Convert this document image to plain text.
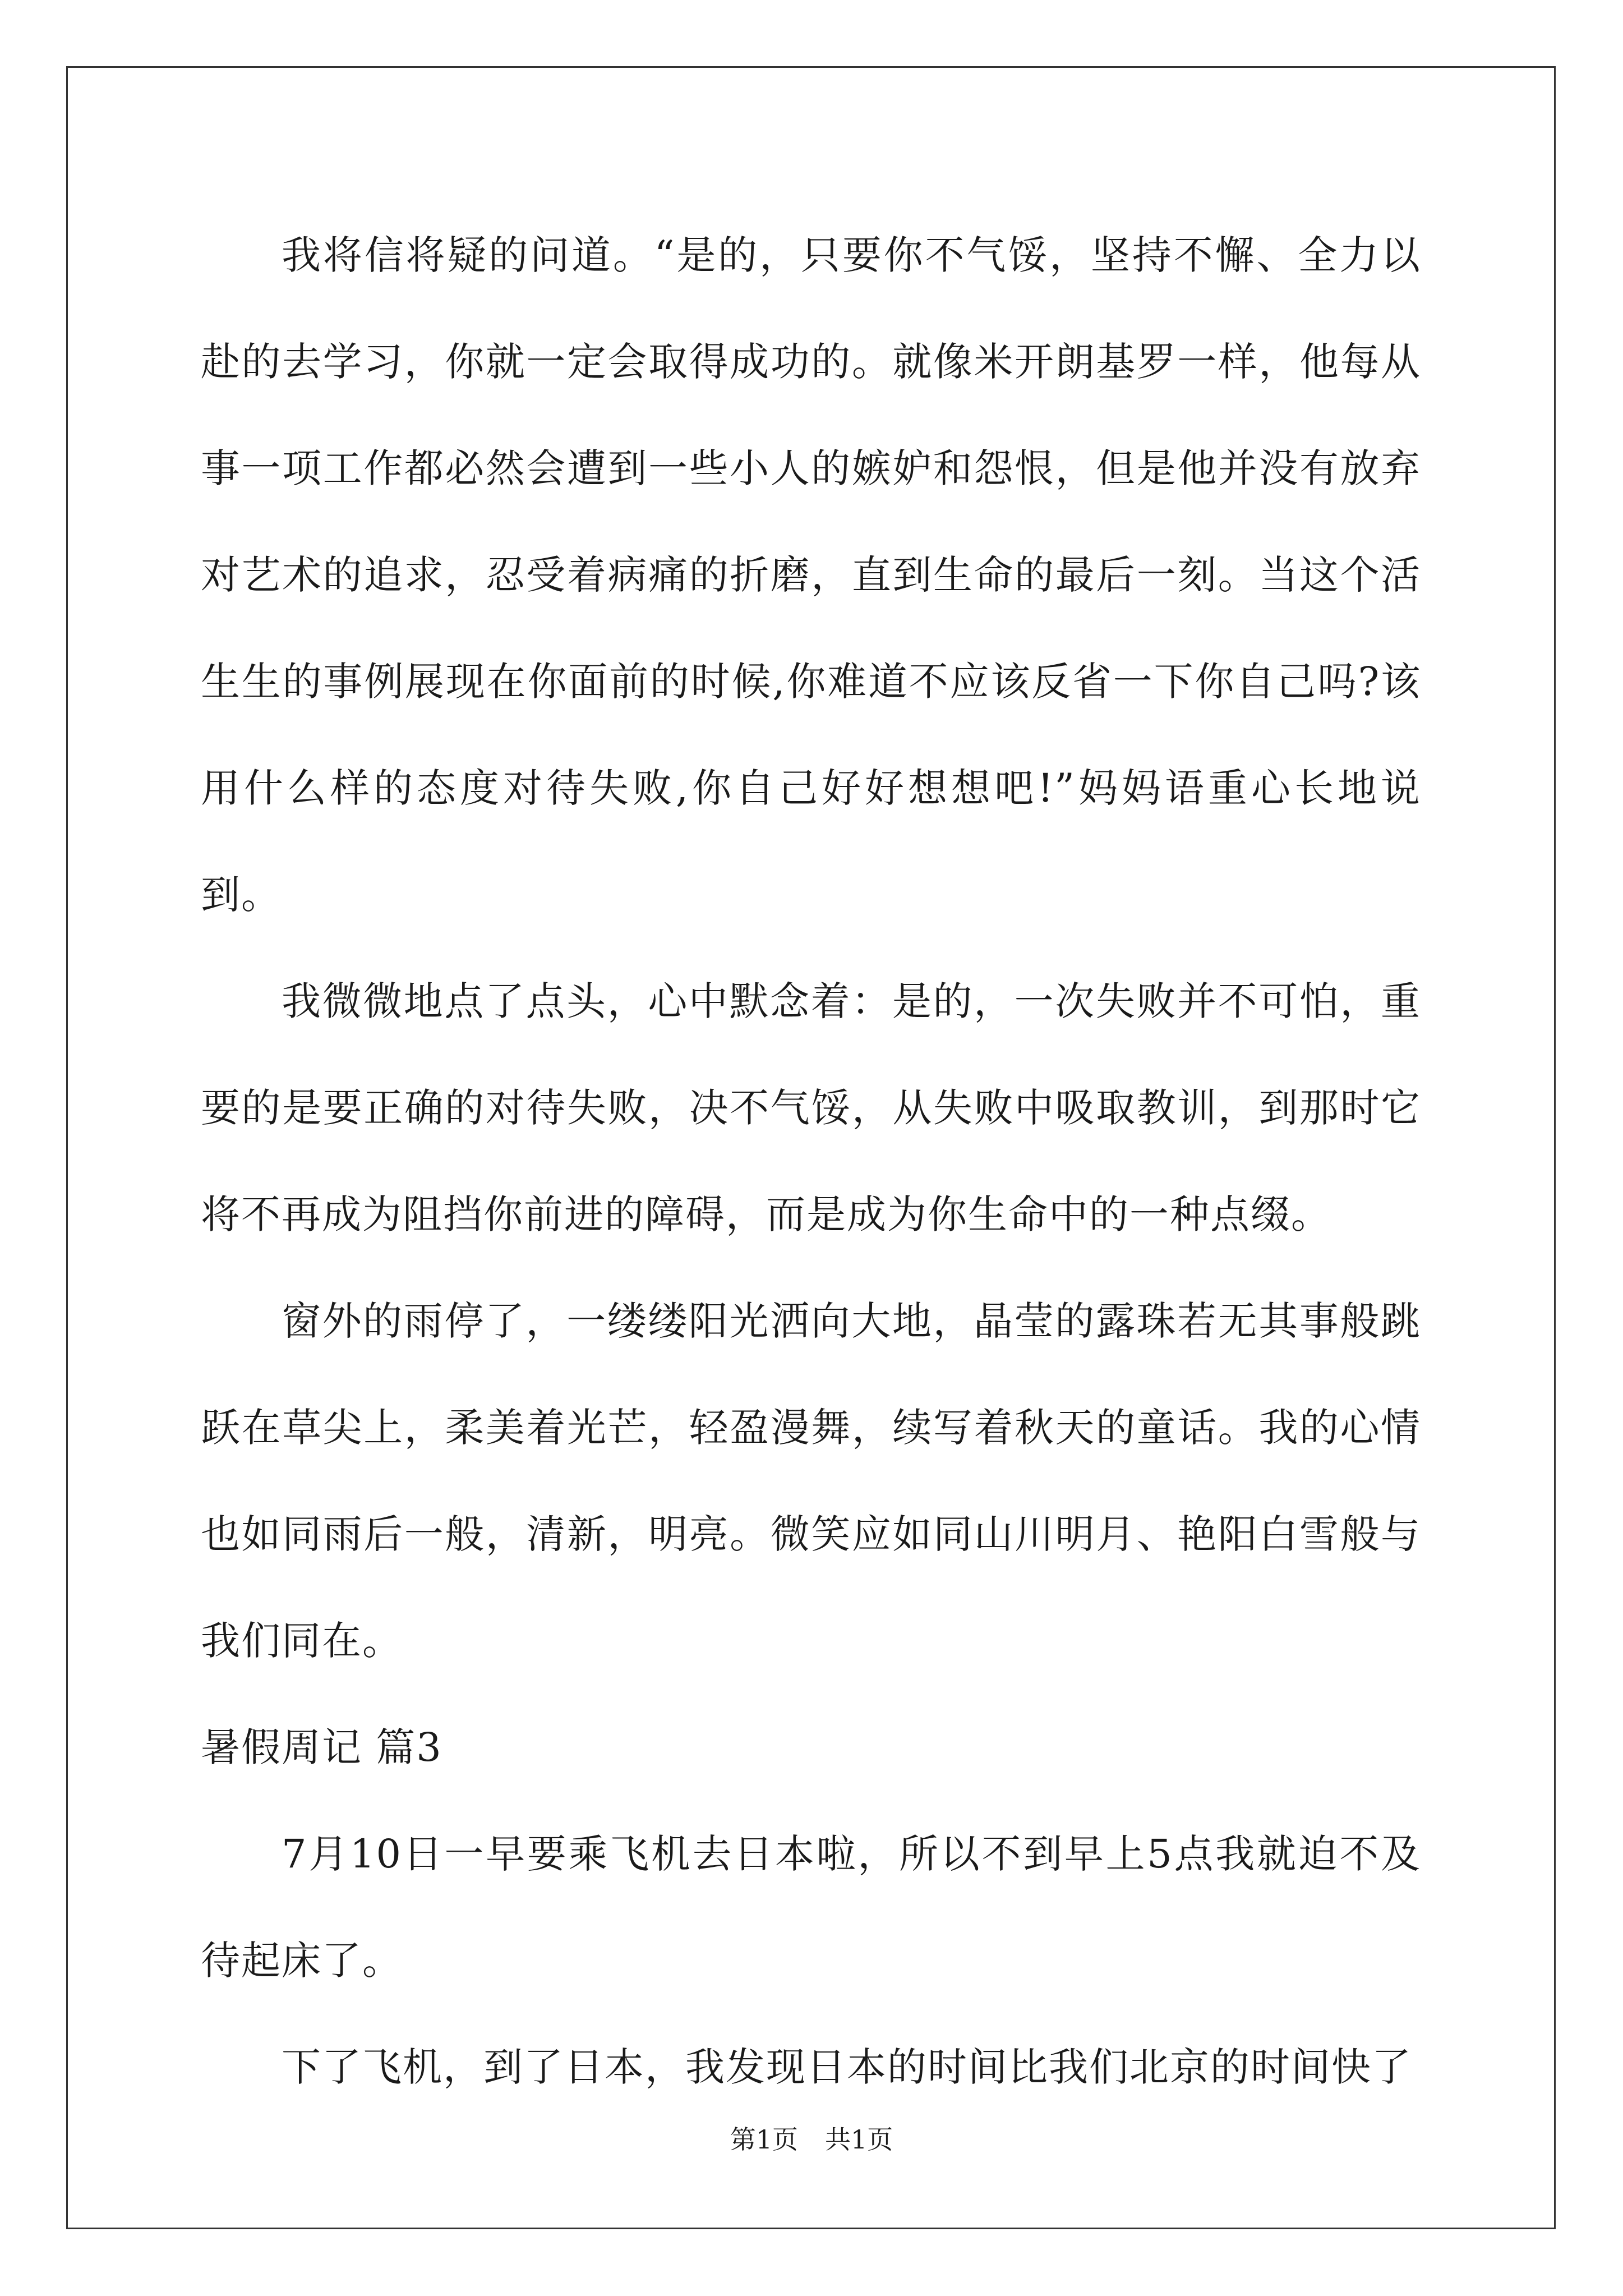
我将信将疑的问道。“是的，只要你不气馁，坚持不懈、全力以赴的去学习，你就一定会取得成功的。就像米开朗基罗一样，他每从事一项工作都必然会遭到一些小人的嫉妒和怨恨，但是他并没有放弃对艺术的追求，忍受着病痛的折磨，直到生命的最后一刻。当这个活生生的事例展现在你面前的时候,你难道不应该反省一下你自己吗?该用什么样的态度对待失败,你自己好好想想吧!”妈妈语重心长地说到。

我微微地点了点头，心中默念着：是的，一次失败并不可怕，重要的是要正确的对待失败，决不气馁，从失败中吸取教训，到那时它将不再成为阻挡你前进的障碍，而是成为你生命中的一种点缀。

窗外的雨停了，一缕缕阳光洒向大地，晶莹的露珠若无其事般跳跃在草尖上，柔美着光芒，轻盈漫舞，续写着秋天的童话。我的心情也如同雨后一般，清新，明亮。微笑应如同山川明月、艳阳白雪般与我们同在。

暑假周记 篇3

7月10日一早要乘飞机去日本啦，所以不到早上5点我就迫不及待起床了。

下了飞机，到了日本，我发现日本的时间比我们北京的时间快了

第1页 共1页
